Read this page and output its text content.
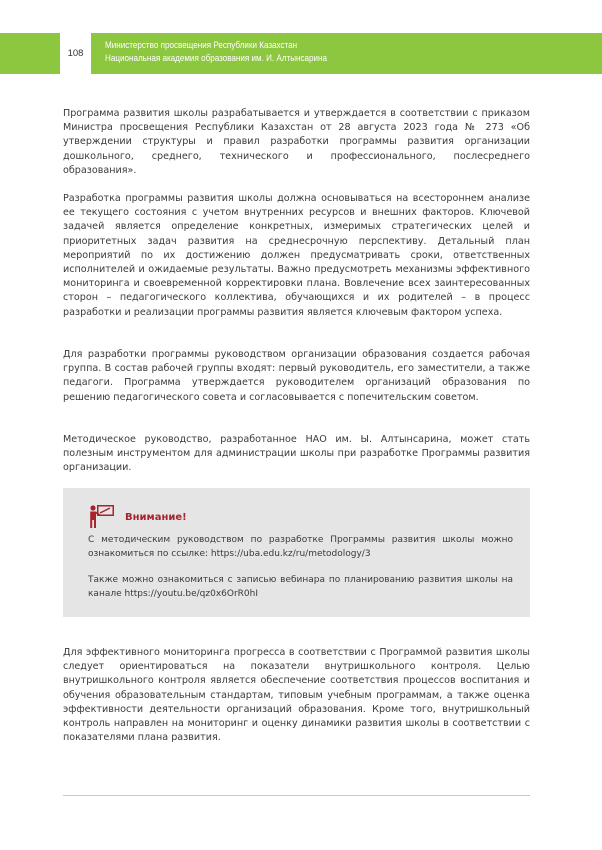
108
Министерство просвещения Республики Казахстан
Национальная академия образования им. И. Алтынсарина

Программа развития школы разрабатывается и утверждается в соответствии с приказом Министра просвещения Республики Казахстан от 28 августа 2023 года № 273 «Об утверждении структуры и правил разработки программы развития организации дошкольного, среднего, технического и профессионального, послесреднего образования».

Разработка программы развития школы должна основываться на всестороннем анализе ее текущего состояния с учетом внутренних ресурсов и внешних факторов. Ключевой задачей является определение конкретных, измеримых стратегических целей и приоритетных задач развития на среднесрочную перспективу. Детальный план мероприятий по их достижению должен предусматривать сроки, ответственных исполнителей и ожидаемые результаты. Важно предусмотреть механизмы эффективного мониторинга и своевременной корректировки плана. Вовлечение всех заинтересованных сторон – педагогического коллектива, обучающихся и их родителей – в процесс разработки и реализации программы развития является ключевым фактором успеха.

Для разработки программы руководством организации образования создается рабочая группа. В состав рабочей группы входят: первый руководитель, его заместители, а также педагоги. Программа утверждается руководителем организаций образования по решению педагогического совета и согласовывается с попечительским советом.

Методическое руководство, разработанное НАО им. Ы. Алтынсарина, может стать полезным инструментом для администрации школы при разработке Программы развития организации.

Внимание!

С методическим руководством по разработке Программы развития школы можно ознакомиться по ссылке: https://uba.edu.kz/ru/metodology/3

Также можно ознакомиться с записью вебинара по планированию развития школы на канале https://youtu.be/qz0x6OrR0hI

Для эффективного мониторинга прогресса в соответствии с Программой развития школы следует ориентироваться на показатели внутришкольного контроля. Целью внутришкольного контроля является обеспечение соответствия процессов воспитания и обучения образовательным стандартам, типовым учебным программам, а также оценка эффективности деятельности организаций образования. Кроме того, внутришкольный контроль направлен на мониторинг и оценку динамики развития школы в соответствии с показателями плана развития.
